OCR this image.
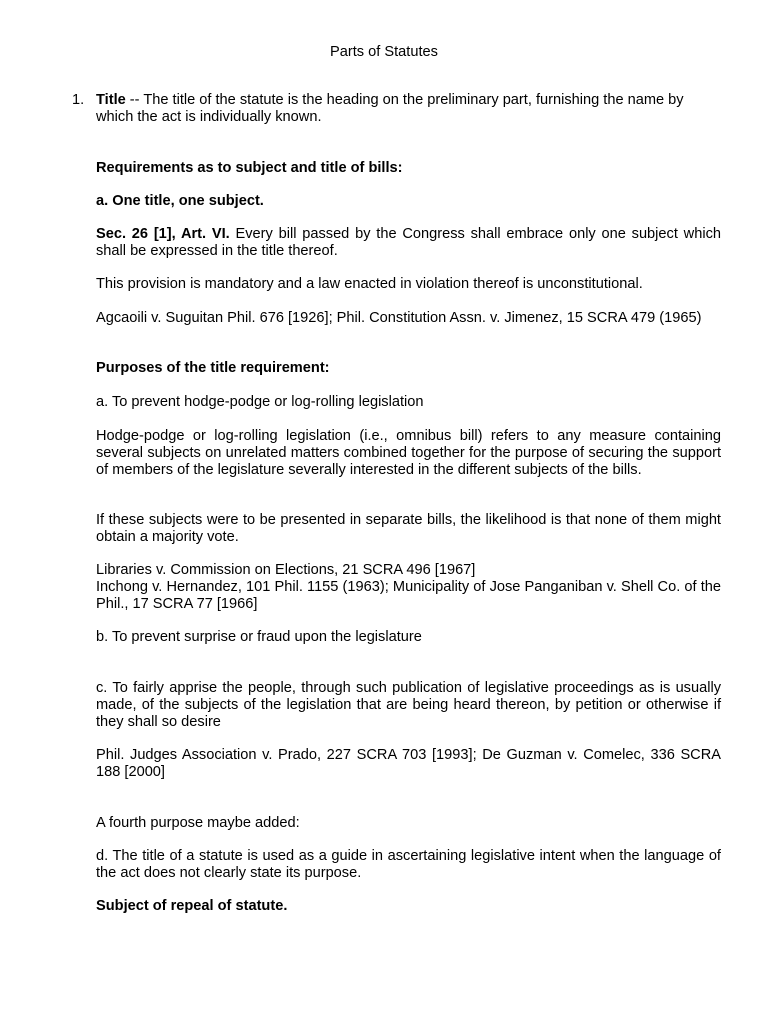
Parts of Statutes

1. Title -- The title of the statute is the heading on the preliminary part, furnishing the name by which the act is individually known.

Requirements as to subject and title of bills:

a. One title, one subject.

Sec. 26 [1], Art. VI. Every bill passed by the Congress shall embrace only one subject which shall be expressed in the title thereof.

This provision is mandatory and a law enacted in violation thereof is unconstitutional.

Agcaoili v. Suguitan Phil. 676 [1926]; Phil. Constitution Assn. v. Jimenez, 15 SCRA 479 (1965)

Purposes of the title requirement:

a. To prevent hodge-podge or log-rolling legislation

Hodge-podge or log-rolling legislation (i.e., omnibus bill) refers to any measure containing several subjects on unrelated matters combined together for the purpose of securing the support of members of the legislature severally interested in the different subjects of the bills.

If these subjects were to be presented in separate bills, the likelihood is that none of them might obtain a majority vote.

Libraries v. Commission on Elections, 21 SCRA 496 [1967]

Inchong v. Hernandez, 101 Phil. 1155 (1963); Municipality of Jose Panganiban v. Shell Co. of the Phil., 17 SCRA 77 [1966]

b. To prevent surprise or fraud upon the legislature

c. To fairly apprise the people, through such publication of legislative proceedings as is usually made, of the subjects of the legislation that are being heard thereon, by petition or otherwise if they shall so desire

Phil. Judges Association v. Prado, 227 SCRA 703 [1993]; De Guzman v. Comelec, 336 SCRA 188 [2000]

A fourth purpose maybe added:

d. The title of a statute is used as a guide in ascertaining legislative intent when the language of the act does not clearly state its purpose.

Subject of repeal of statute.
